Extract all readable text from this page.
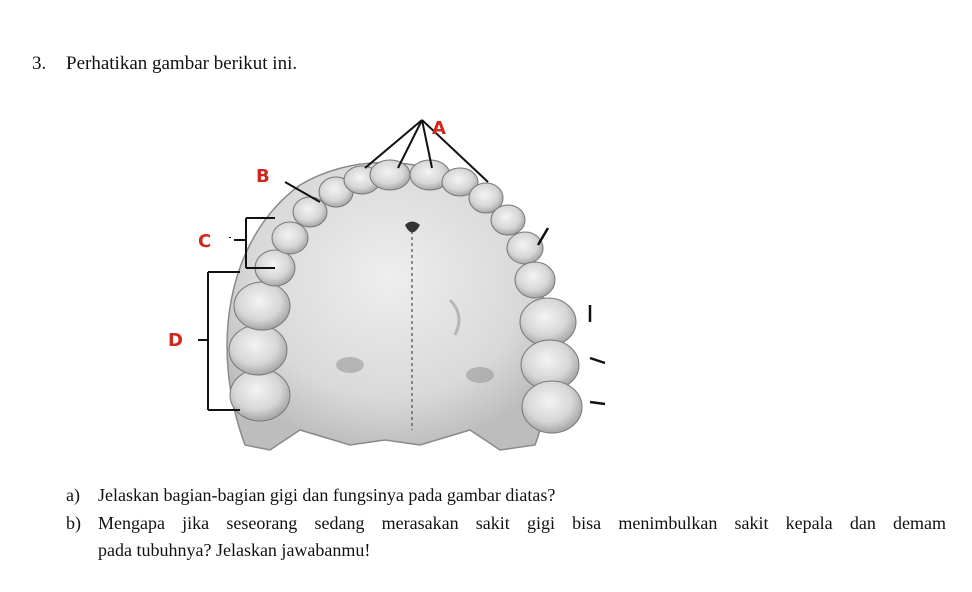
3. Perhatikan gambar berikut ini.
A
B
C
D
a) Jelaskan bagian-bagian gigi dan fungsinya pada gambar diatas?
b) Mengapa jika seseorang sedang merasakan sakit gigi bisa menimbulkan sakit kepala dan demam
pada tubuhnya? Jelaskan jawabanmu!
